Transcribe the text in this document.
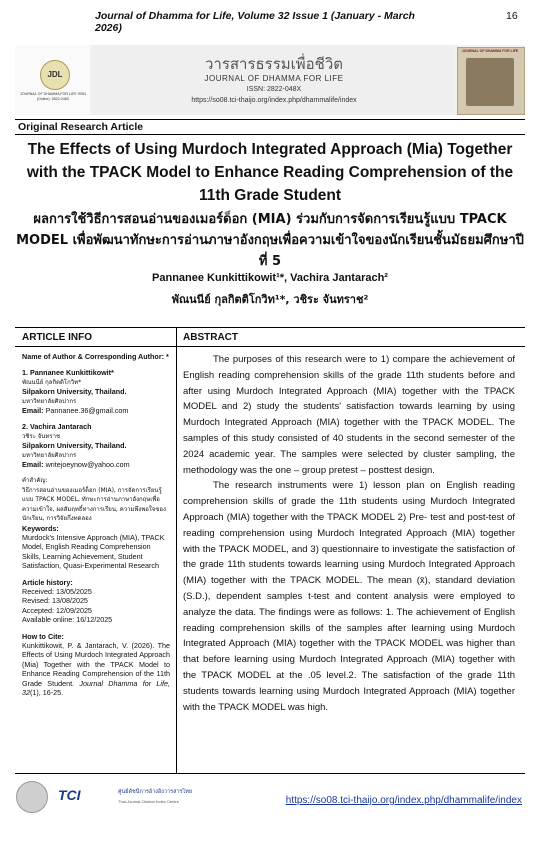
Journal of Dhamma for Life, Volume 32 Issue 1 (January - March 2026)
16
JDL
JOURNAL OF DHAMMA FOR LIFE ISSN (Online): 2822-048X
วารสารธรรมเพื่อชีวิต
JOURNAL OF DHAMMA FOR LIFE
ISSN: 2822-048X
https://so08.tci-thaijo.org/index.php/dhammalife/index
JOURNAL OF DHAMMA FOR LIFE
Original Research Article
The Effects of Using Murdoch Integrated Approach (Mia) Together with the TPACK Model to Enhance Reading Comprehension of the 11th Grade Student
ผลการใช้วิธีการสอนอ่านของเมอร์ด็อก (MIA) ร่วมกับการจัดการเรียนรู้แบบ TPACK MODEL เพื่อพัฒนาทักษะการอ่านภาษาอังกฤษเพื่อความเข้าใจของนักเรียนชั้นมัธยมศึกษาปีที่ 5
Pannanee Kunkittikowit¹*, Vachira Jantarach²
พัณนนีย์ กุลกิตติโกวิท¹*, วชิระ จันทราช²
ARTICLE INFO	ABSTRACT
Name of Author & Corresponding Author: *
1. Pannanee Kunkittikowit*
พัณนนีย์ กุลกิตติโกวิท*
Silpakorn University, Thailand.
มหาวิทยาลัยศิลปากร
Email: Pannanee.36@gmail.com
2. Vachira Jantarach
วชิระ จันทราช
Silpakorn University, Thailand.
มหาวิทยาลัยศิลปากร
Email: writejoeynow@yahoo.com
คำสำคัญ:
วิธีการสอนอ่านของเมอร์ด็อก (MIA), การจัดการเรียนรู้แบบ TPACK MODEL, ทักษะการอ่านภาษาอังกฤษเพื่อความเข้าใจ, ผลสัมฤทธิ์ทางการเรียน, ความพึงพอใจของนักเรียน, การวิจัยกึ่งทดลอง
Keywords:
Murdock's Intensive Approach (MIA), TPACK Model, English Reading Comprehension Skills, Learning Achievement, Student Satisfaction, Quasi-Experimental Research
Article history:
Received: 13/05/2025
Revised: 13/08/2025
Accepted: 12/09/2025
Available online: 16/12/2025
How to Cite:
Kunkittikowit, P. & Jantarach, V. (2026). The Effects of Using Murdoch Integrated Approach (Mia) Together with the TPACK Model to Enhance Reading Comprehension of the 11th Grade Student. Journal Dhamma for Life, 32(1), 16-25.

The purposes of this research were to 1) compare the achievement of English reading comprehension skills of the grade 11th students before and after using Murdoch Integrated Approach (MIA) together with the TPACK MODEL and 2) study the students' satisfaction towards learning by using Murdoch Integrated Approach (MIA) together with the TPACK MODEL. The samples of this study consisted of 40 students in the second semester of the 2024 academic year. The samples were selected by cluster sampling, the methodology was the one – group pretest – posttest design.

The research instruments were 1) lesson plan on English reading comprehension skills of grade the 11th students using Murdoch Integrated Approach (MIA) together with the TPACK MODEL 2) Pre- test and post-test of reading comprehension using Murdoch Integrated Approach (MIA) together with the TPACK MODEL, and 3) questionnaire to investigate the satisfaction of the grade 11th students towards learning using Murdoch Integrated Approach (MIA) together with the TPACK MODEL. The mean (x̄), standard deviation (S.D.), dependent samples t-test and content analysis were employed to analyze the data. The findings were as follows: 1. The achievement of English reading comprehension skills of the samples after learning using Murdoch Integrated Approach (MIA) together with the TPACK MODEL was higher than that before learning using Murdoch Integrated Approach (MIA) together with the TPACK MODEL at the .05 level.2. The satisfaction of the grade 11th students towards learning using Murdoch Integrated Approach (MIA) together with the TPACK MODEL was high.

TCI	ศูนย์ดัชนีการอ้างอิงวารสารไทย
Thai-Journal Citation Index Centre	https://so08.tci-thaijo.org/index.php/dhammalife/index
